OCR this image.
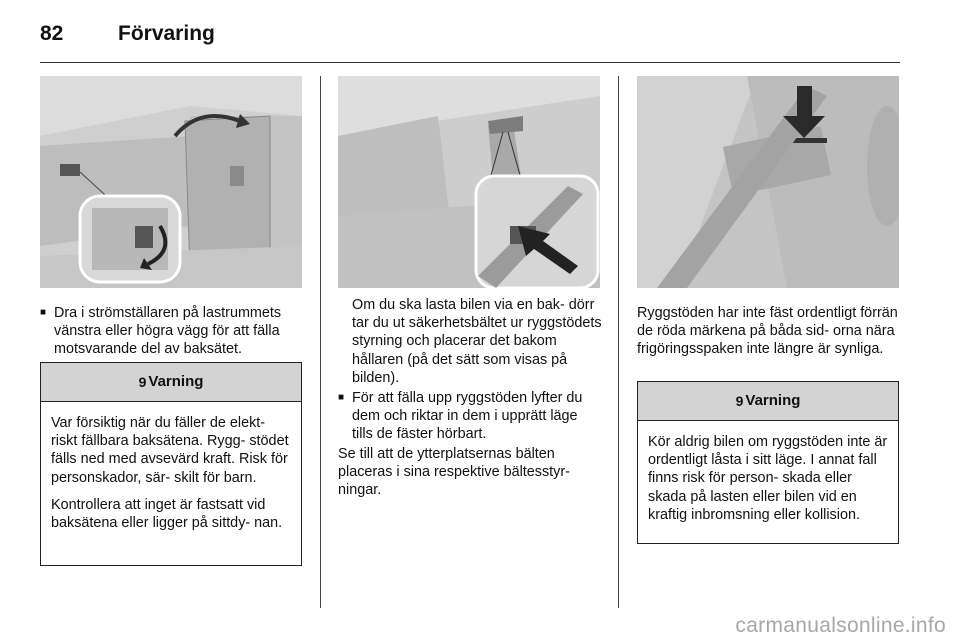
82	Förvaring
■ Dra i strömställaren på lastrummets vänstra eller högra vägg för att fälla motsvarande del av baksätet.
9 Varning

Var försiktig när du fäller de elekt- riskt fällbara baksätena. Rygg- stödet fälls ned med avsevärd kraft. Risk för personskador, sär- skilt för barn.

Kontrollera att inget är fastsatt vid baksätena eller ligger på sittdy- nan.

Om du ska lasta bilen via en bak- dörr tar du ut säkerhetsbältet ur ryggstödets styrning och placerar det bakom hållaren (på det sätt som visas på bilden).

■ För att fälla upp ryggstöden lyfter du dem och riktar in dem i upprätt läge tills de fäster hörbart.

Se till att de ytterplatsernas bälten placeras i sina respektive bältesstyr- ningar.

Ryggstöden har inte fäst ordentligt förrän de röda märkena på båda sid- orna nära frigöringsspaken inte längre är synliga.

9 Varning

Kör aldrig bilen om ryggstöden inte är ordentligt låsta i sitt läge. I annat fall finns risk för person- skada eller skada på lasten eller bilen vid en kraftig inbromsning eller kollision.

carmanualsonline.info
